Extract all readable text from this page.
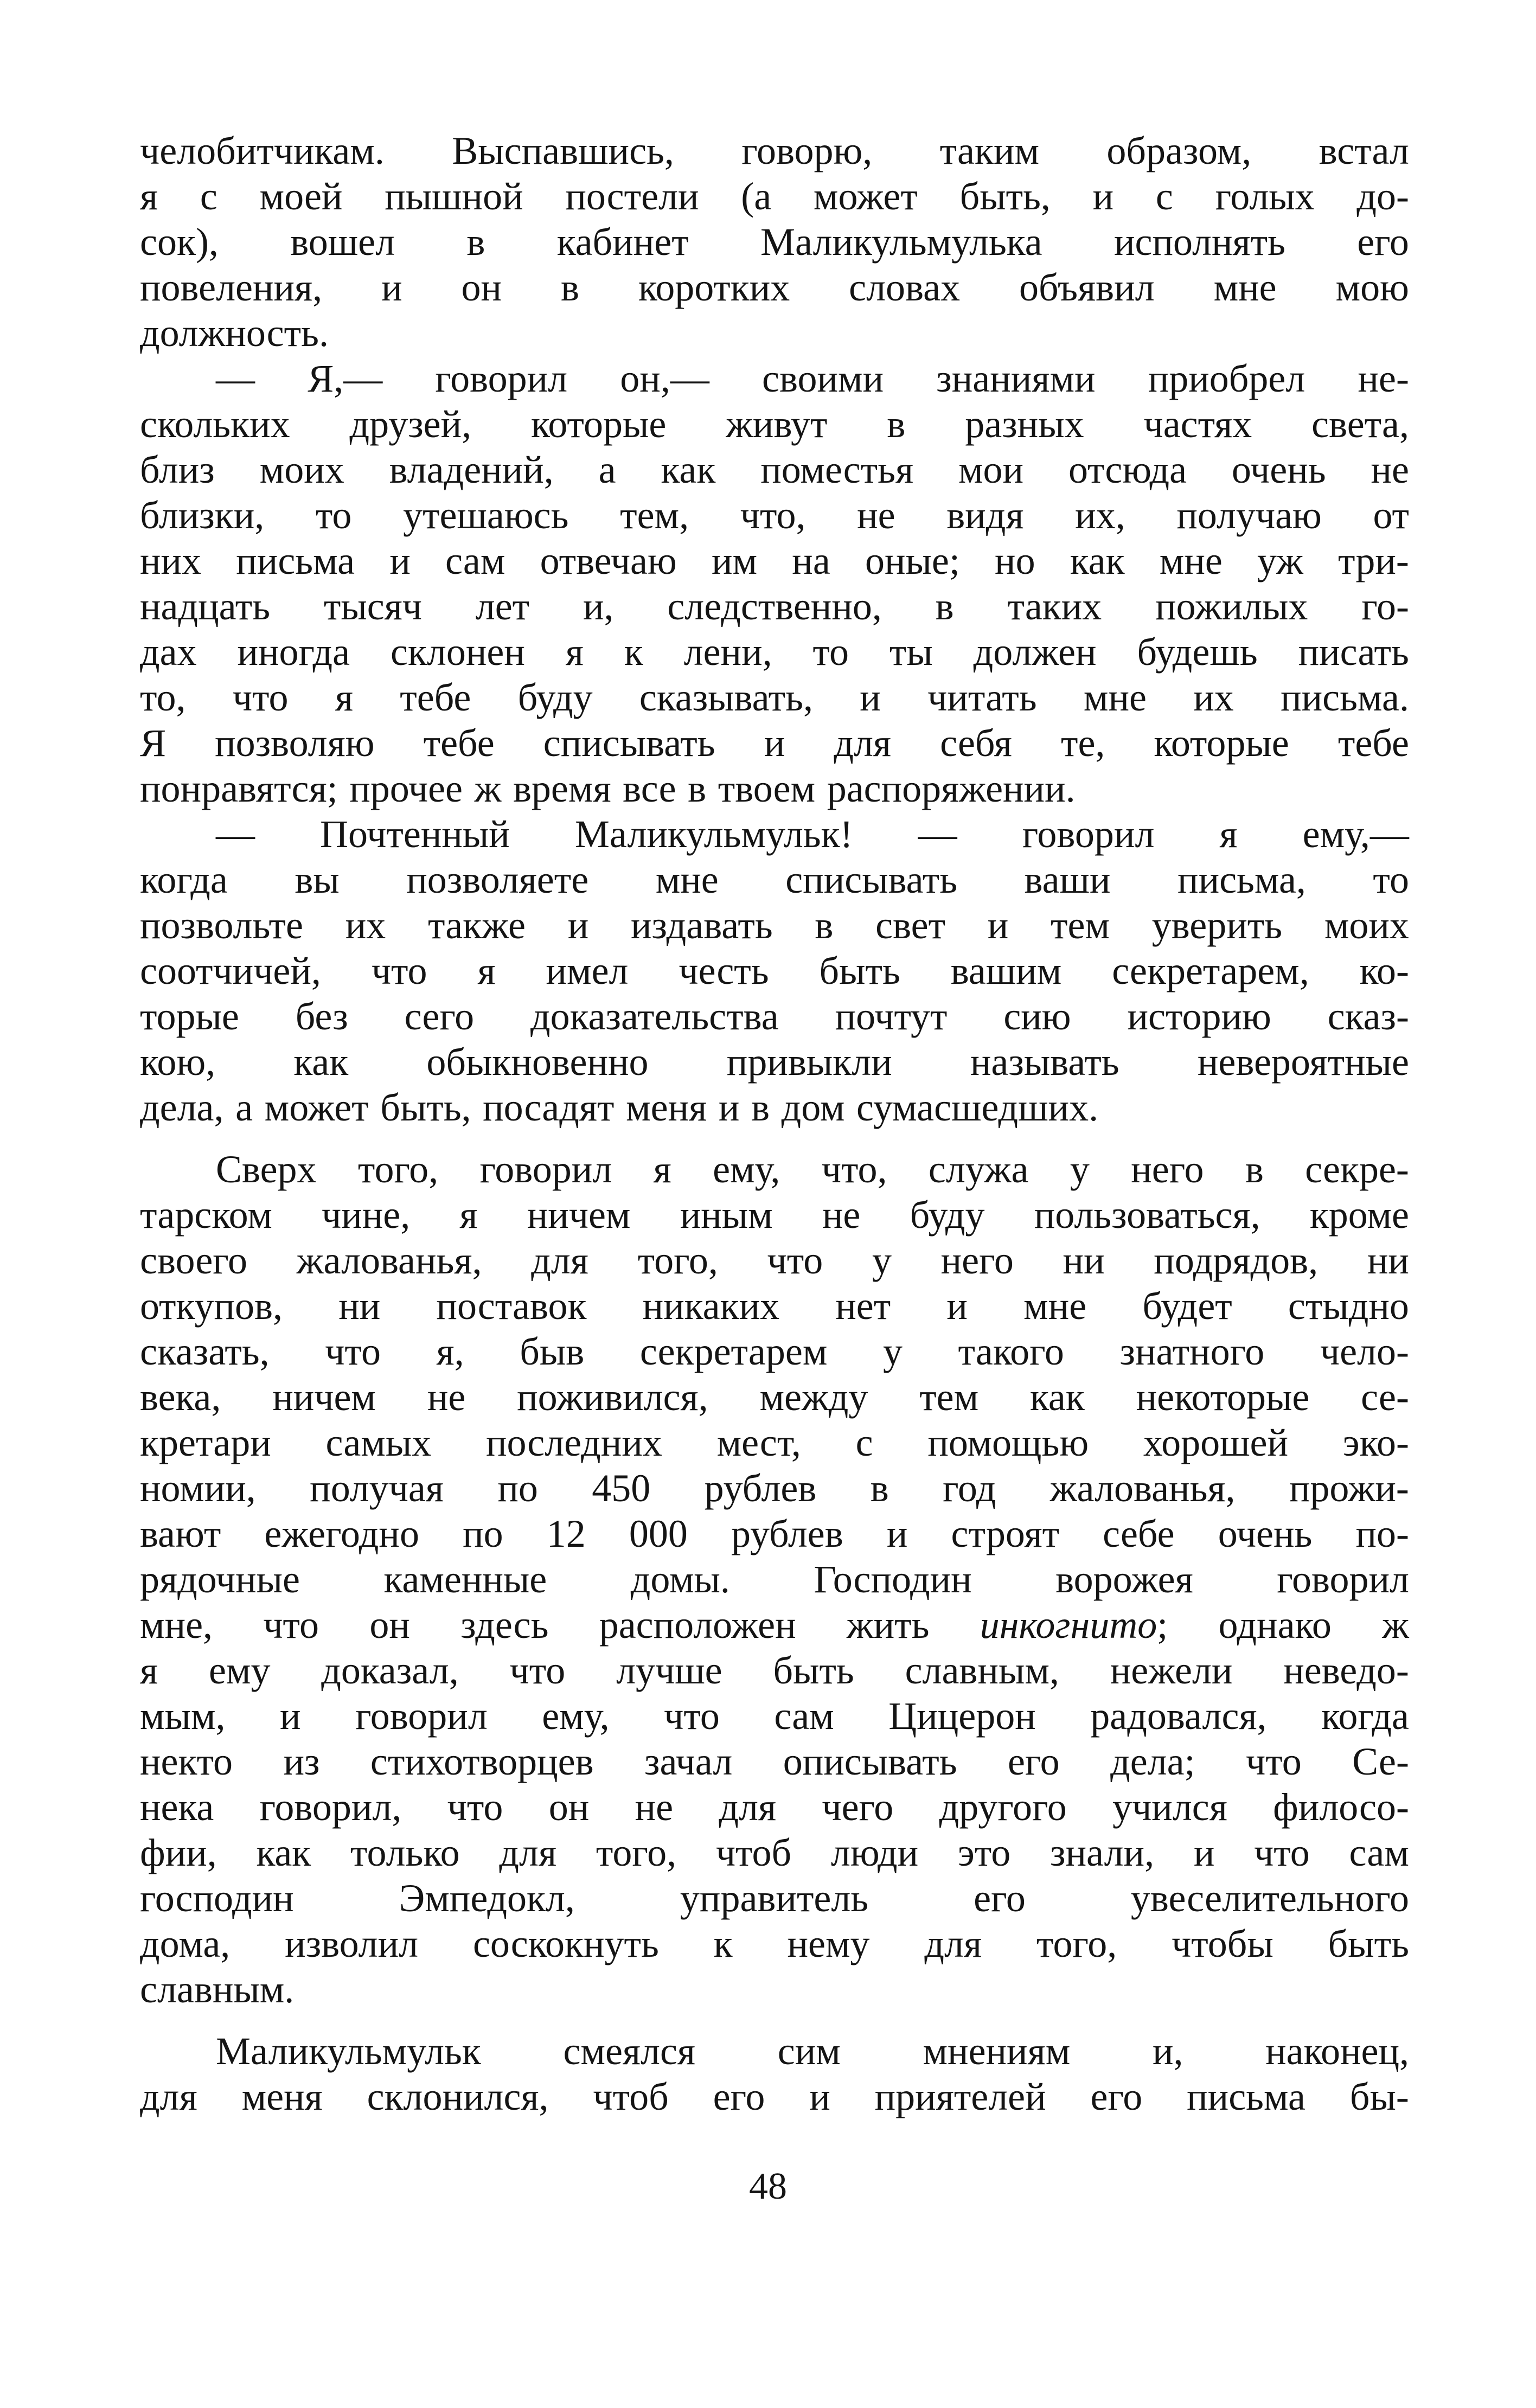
челобитчикам. Выспавшись, говорю, таким образом, встал
я с моей пышной постели (а может быть, и с голых до-
сок), вошел в кабинет Маликульмулька исполнять его
повеления, и он в коротких словах объявил мне мою
должность.
— Я,— говорил он,— своими знаниями приобрел не-
скольких друзей, которые живут в разных частях света,
близ моих владений, а как поместья мои отсюда очень не
близки, то утешаюсь тем, что, не видя их, получаю от
них письма и сам отвечаю им на оные; но как мне уж три-
надцать тысяч лет и, следственно, в таких пожилых го-
дах иногда склонен я к лени, то ты должен будешь писать
то, что я тебе буду сказывать, и читать мне их письма.
Я позволяю тебе списывать и для себя те, которые тебе
понравятся; прочее ж время все в твоем распоряжении.
— Почтенный Маликульмульк! — говорил я ему,—
когда вы позволяете мне списывать ваши письма, то
позвольте их также и издавать в свет и тем уверить моих
соотчичей, что я имел честь быть вашим секретарем, ко-
торые без сего доказательства почтут сию историю сказ-
кою, как обыкновенно привыкли называть невероятные
дела, а может быть, посадят меня и в дом сумасшедших.
Сверх того, говорил я ему, что, служа у него в секре-
тарском чине, я ничем иным не буду пользоваться, кроме
своего жалованья, для того, что у него ни подрядов, ни
откупов, ни поставок никаких нет и мне будет стыдно
сказать, что я, быв секретарем у такого знатного чело-
века, ничем не поживился, между тем как некоторые се-
кретари самых последних мест, с помощью хорошей эко-
номии, получая по 450 рублев в год жалованья, прожи-
вают ежегодно по 12 000 рублев и строят себе очень по-
рядочные каменные домы. Господин ворожея говорил
мне, что он здесь расположен жить инкогнито; однако ж
я ему доказал, что лучше быть славным, нежели неведо-
мым, и говорил ему, что сам Цицерон радовался, когда
некто из стихотворцев зачал описывать его дела; что Се-
нека говорил, что он не для чего другого учился филосо-
фии, как только для того, чтоб люди это знали, и что сам
господин	Эмпедокл,	управитель	его	увеселительного
дома, изволил соскокнуть к нему для того, чтобы быть
славным.
Маликульмульк смеялся сим мнениям и, наконец,
для меня склонился, чтоб его и приятелей его письма бы-
48
